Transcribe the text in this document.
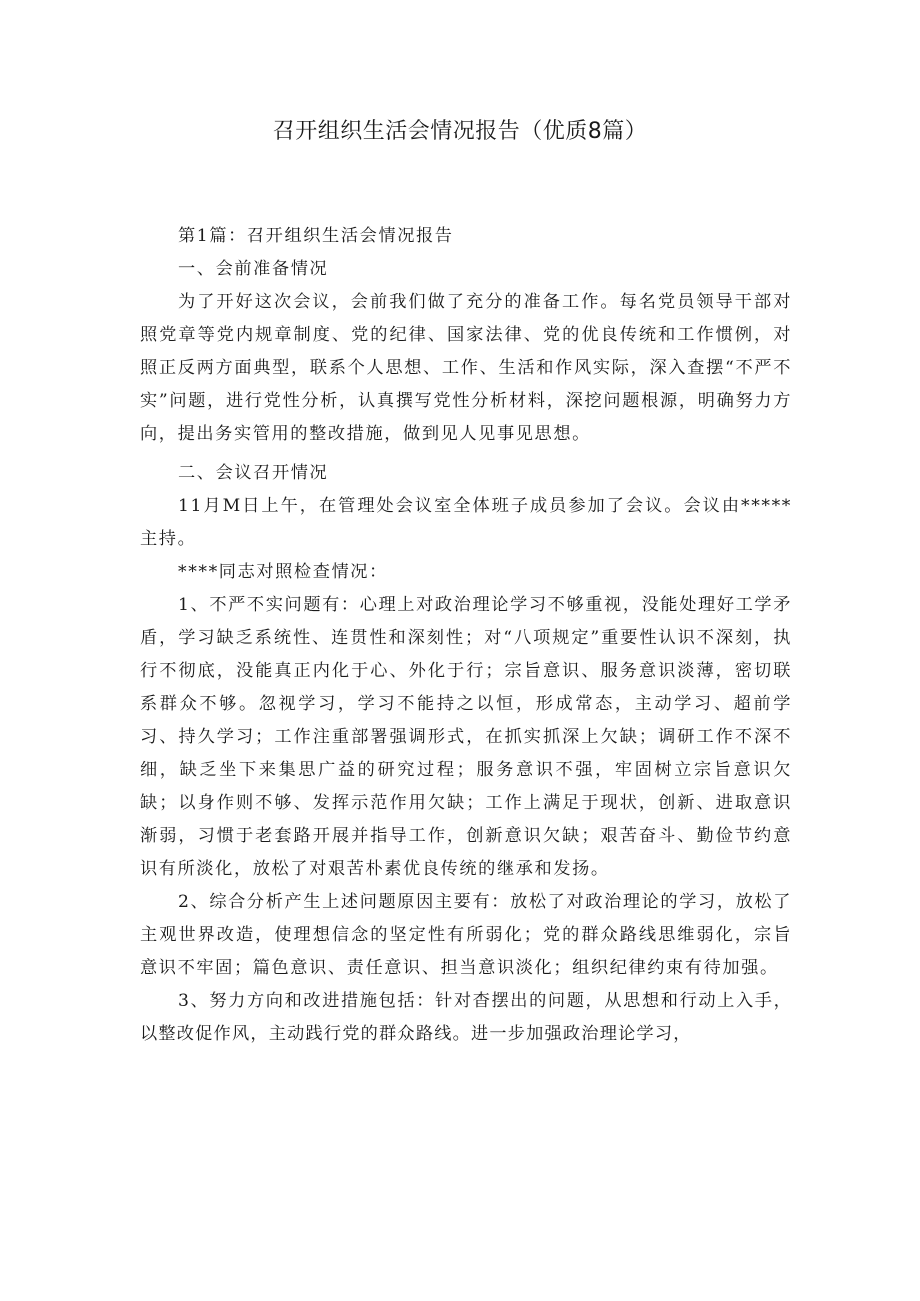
召开组织生活会情况报告（优质8篇）

第1篇：召开组织生活会情况报告

一、会前准备情况

为了开好这次会议，会前我们做了充分的准备工作。每名党员领导干部对照党章等党内规章制度、党的纪律、国家法律、党的优良传统和工作惯例，对照正反两方面典型，联系个人思想、工作、生活和作风实际，深入查摆“不严不实”问题，进行党性分析，认真撰写党性分析材料，深挖问题根源，明确努力方向，提出务实管用的整改措施，做到见人见事见思想。

二、会议召开情况

11月M日上午，在管理处会议室全体班子成员参加了会议。会议由*****主持。

****同志对照检查情况：

1、不严不实问题有：心理上对政治理论学习不够重视，没能处理好工学矛盾，学习缺乏系统性、连贯性和深刻性；对“八项规定”重要性认识不深刻，执行不彻底，没能真正内化于心、外化于行；宗旨意识、服务意识淡薄，密切联系群众不够。忽视学习，学习不能持之以恒，形成常态，主动学习、超前学习、持久学习；工作注重部署强调形式，在抓实抓深上欠缺；调研工作不深不细，缺乏坐下来集思广益的研究过程；服务意识不强，牢固树立宗旨意识欠缺；以身作则不够、发挥示范作用欠缺；工作上满足于现状，创新、进取意识渐弱，习惯于老套路开展并指导工作，创新意识欠缺；艰苦奋斗、勤俭节约意识有所淡化，放松了对艰苦朴素优良传统的继承和发扬。

2、综合分析产生上述问题原因主要有：放松了对政治理论的学习，放松了主观世界改造，使理想信念的坚定性有所弱化；党的群众路线思维弱化，宗旨意识不牢固；篇色意识、责任意识、担当意识淡化；组织纪律约束有待加强。

3、努力方向和改进措施包括：针对杳摆出的问题，从思想和行动上入手，以整改促作风，主动践行党的群众路线。进一步加强政治理论学习，
